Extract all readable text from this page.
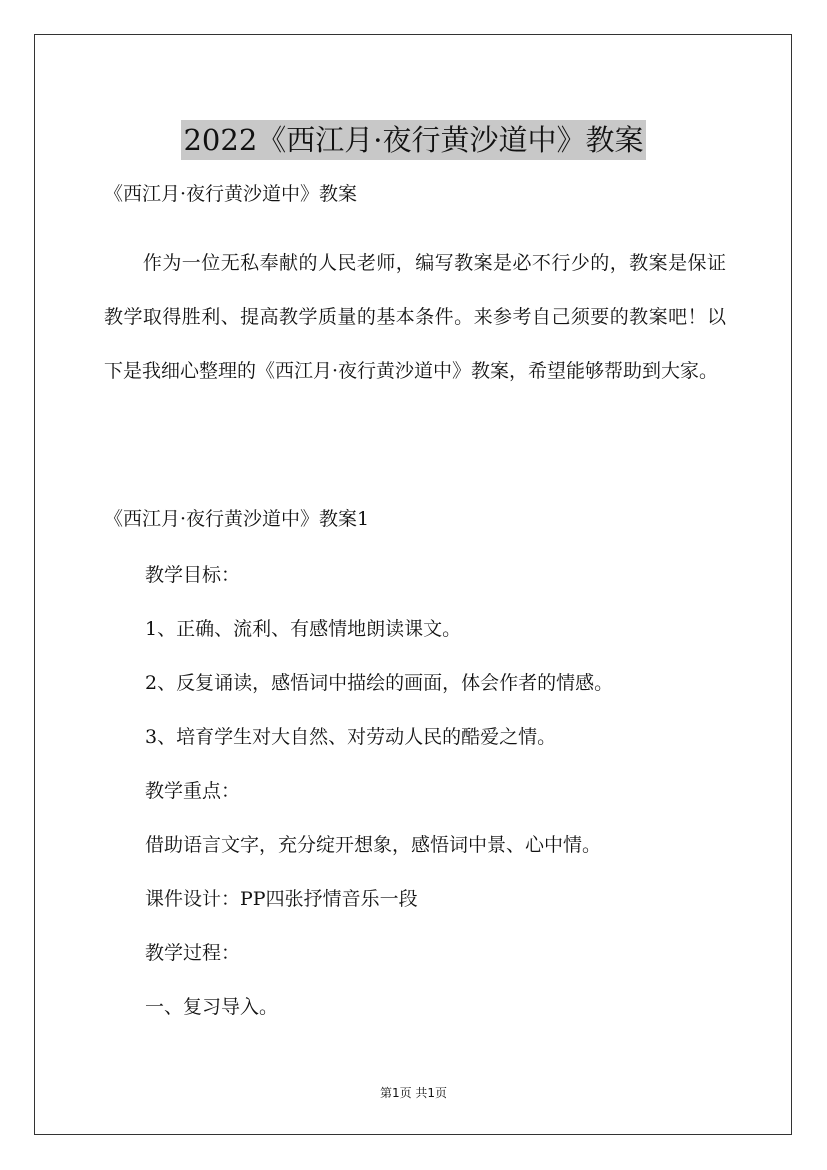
2022《西江月·夜行黄沙道中》教案
《西江月·夜行黄沙道中》教案

　　作为一位无私奉献的人民老师，编写教案是必不行少的，教案是保证教学取得胜利、提高教学质量的基本条件。来参考自己须要的教案吧！以下是我细心整理的《西江月·夜行黄沙道中》教案，希望能够帮助到大家。

《西江月·夜行黄沙道中》教案1
教学目标：
1、正确、流利、有感情地朗读课文。
2、反复诵读，感悟词中描绘的画面，体会作者的情感。
3、培育学生对大自然、对劳动人民的酷爱之情。
教学重点：
借助语言文字，充分绽开想象，感悟词中景、心中情。
课件设计：PP四张抒情音乐一段
教学过程：
一、复习导入。
第1页 共1页
